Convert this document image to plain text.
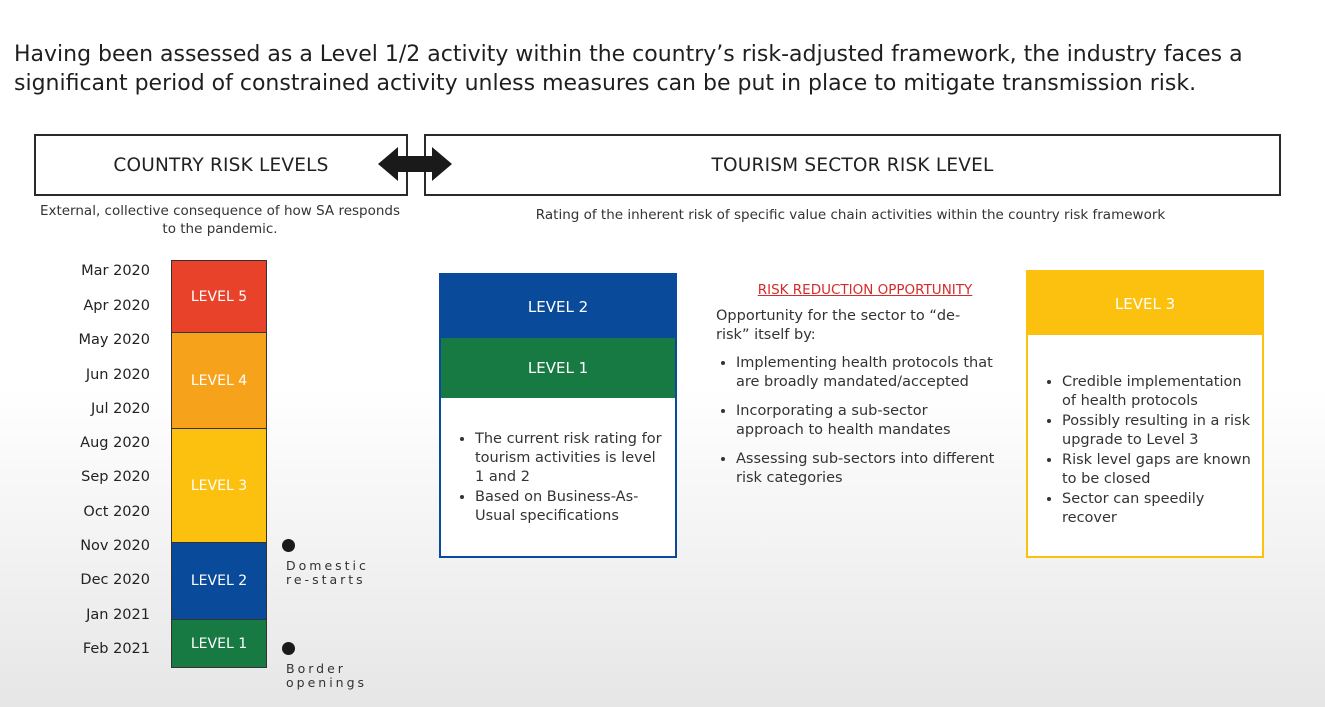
Having been assessed as a Level 1/2 activity within the country’s risk-adjusted framework, the industry faces a significant period of constrained activity unless measures can be put in place to mitigate transmission risk.
COUNTRY RISK LEVELS	TOURISM SECTOR RISK LEVEL
External, collective consequence of how SA responds
to the pandemic.
Rating of the inherent risk of specific value chain activities within the country risk framework
Mar 2020
Apr 2020
May 2020
Jun 2020
Jul 2020
Aug 2020
Sep 2020
Oct 2020
Nov 2020
Dec 2020
Jan 2021
Feb 2021
LEVEL 5
LEVEL 4
LEVEL 3
LEVEL 2
LEVEL 1
Domestic
re-starts
Border
openings
LEVEL 2
LEVEL 1
• The current risk rating for tourism activities is level 1 and 2
• Based on Business-As-Usual specifications
RISK REDUCTION OPPORTUNITY
Opportunity for the sector to “de-risk” itself by:
• Implementing health protocols that are broadly mandated/accepted
• Incorporating a sub-sector approach to health mandates
• Assessing sub-sectors into different risk categories
LEVEL 3
• Credible implementation of health protocols
• Possibly resulting in a risk upgrade to Level 3
• Risk level gaps are known to be closed
• Sector can speedily recover
